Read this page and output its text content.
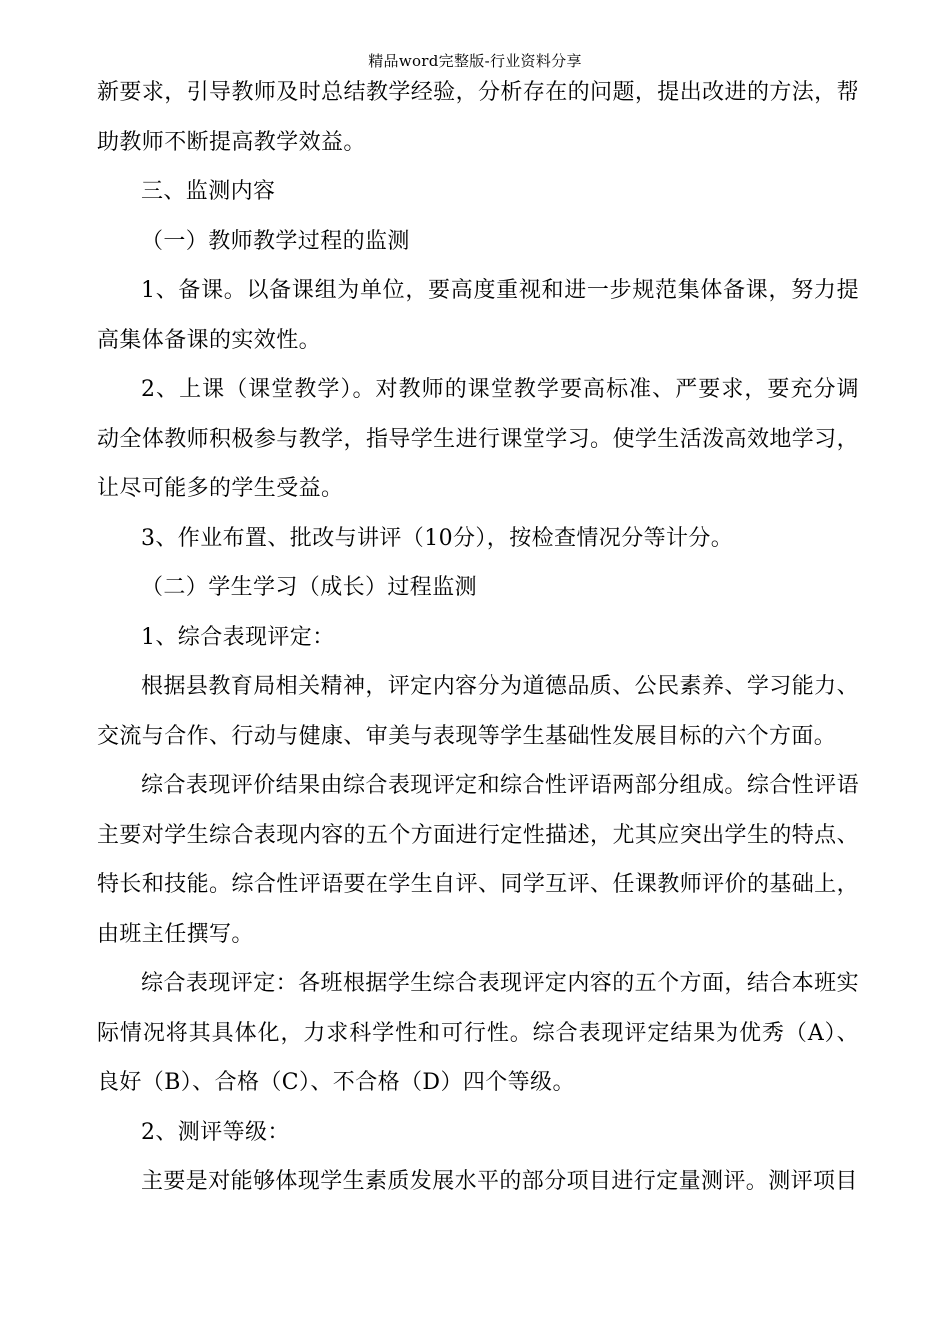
精品word完整版-行业资料分享

新要求，引导教师及时总结教学经验，分析存在的问题，提出改进的方法，帮助教师不断提高教学效益。

三、监测内容

（一）教师教学过程的监测

1、备课。以备课组为单位，要高度重视和进一步规范集体备课，努力提高集体备课的实效性。

2、上课（课堂教学）。对教师的课堂教学要高标准、严要求，要充分调动全体教师积极参与教学，指导学生进行课堂学习。使学生活泼高效地学习，让尽可能多的学生受益。

3、作业布置、批改与讲评（10分），按检查情况分等计分。

（二）学生学习（成长）过程监测

1、综合表现评定：

根据县教育局相关精神，评定内容分为道德品质、公民素养、学习能力、交流与合作、行动与健康、审美与表现等学生基础性发展目标的六个方面。

综合表现评价结果由综合表现评定和综合性评语两部分组成。综合性评语主要对学生综合表现内容的五个方面进行定性描述，尤其应突出学生的特点、特长和技能。综合性评语要在学生自评、同学互评、任课教师评价的基础上，由班主任撰写。

综合表现评定：各班根据学生综合表现评定内容的五个方面，结合本班实际情况将其具体化，力求科学性和可行性。综合表现评定结果为优秀（A）、良好（B）、合格（C）、不合格（D）四个等级。

2、测评等级：

主要是对能够体现学生素质发展水平的部分项目进行定量测评。测评项目
